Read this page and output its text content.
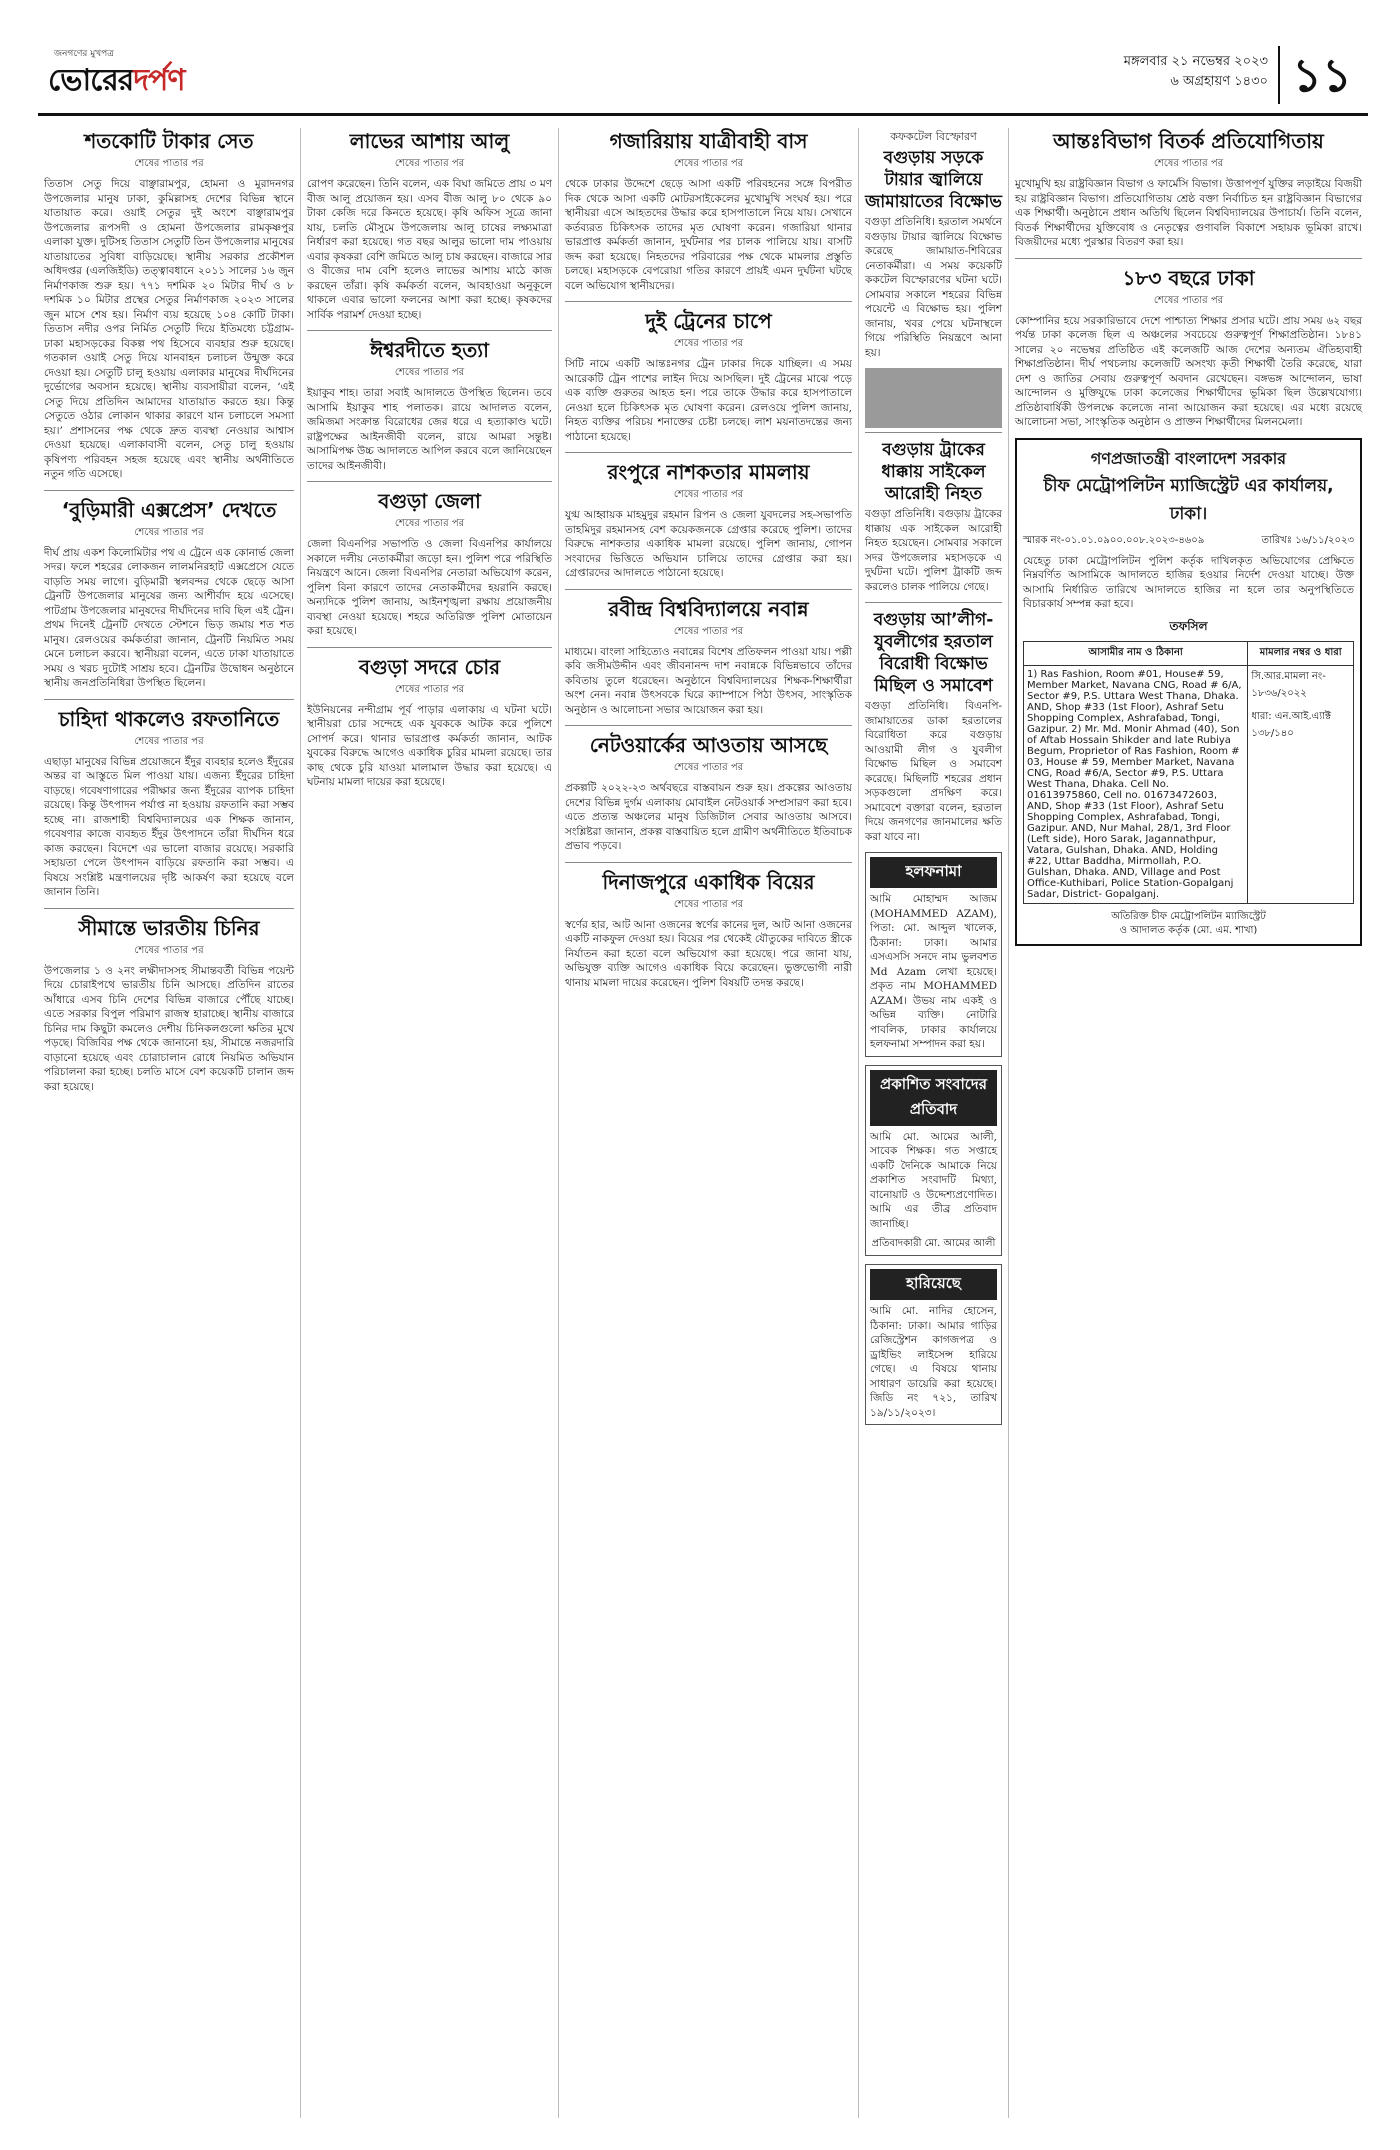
জনগণের মুখপত্র
ভোরেরদর্পণ
মঙ্গলবার ২১ নভেম্বর ২০২৩
৬ অগ্রহায়ণ ১৪৩০ ১১
শতকোটি টাকার সেত
শেষের পাতার পর
তিতাস সেতু দিয়ে বাঞ্ছারামপুর, হোমনা ও মুরাদনগর উপজেলার মানুষ ঢাকা, কুমিল্লাসহ দেশের বিভিন্ন স্থানে যাতায়াত করে। ওয়াই সেতুর দুই অংশে বাঞ্ছারামপুর উপজেলার রূপসদী ও হোমনা উপজেলার রামকৃষ্ণপুর এলাকা যুক্ত। দুটিসহ তিতাস সেতুটি তিন উপজেলার মানুষের যাতায়াতের সুবিধা বাড়িয়েছে। স্থানীয় সরকার প্রকৌশল অধিদপ্তর (এলজিইডি) তত্ত্বাবধানে ২০১১ সালের ১৬ জুন নির্মাণকাজ শুরু হয়। ৭৭১ দশমিক ২০ মিটার দীর্ঘ ও ৮ দশমিক ১০ মিটার প্রস্থের সেতুর নির্মাণকাজ ২০২৩ সালের জুন মাসে শেষ হয়। নির্মাণ ব্যয় হয়েছে ১০৪ কোটি টাকা। তিতাস নদীর ওপর নির্মিত সেতুটি দিয়ে ইতিমধ্যে চট্টগ্রাম-ঢাকা মহাসড়কের বিকল্প পথ হিসেবে ব্যবহার শুরু হয়েছে। গতকাল ওয়াই সেতু দিয়ে যানবাহন চলাচল উন্মুক্ত করে দেওয়া হয়। সেতুটি চালু হওয়ায় এলাকার মানুষের দীর্ঘদিনের দুর্ভোগের অবসান হয়েছে। স্থানীয় ব্যবসায়ীরা বলেন, ‘এই সেতু দিয়ে প্রতিদিন আমাদের যাতায়াত করতে হয়। কিন্তু সেতুতে ওঠার লোকান থাকার কারণে যান চলাচলে সমস্যা হয়।’ প্রশাসনের পক্ষ থেকে দ্রুত ব্যবস্থা নেওয়ার আশ্বাস দেওয়া হয়েছে। এলাকাবাসী বলেন, সেতু চালু হওয়ায় কৃষিপণ্য পরিবহন সহজ হয়েছে এবং স্থানীয় অর্থনীতিতে নতুন গতি এসেছে।
‘বুড়িমারী এক্সপ্রেস’ দেখতে
শেষের পাতার পর
দীর্ঘ প্রায় একশ কিলোমিটার পথ এ ট্রেনে এক কোনার্ভ জেলা সদর। ফলে শহরের লোকজন লালমনিরহাট এক্সপ্রেসে যেতে বাড়তি সময় লাগে। বুড়িমারী স্থলবন্দর থেকে ছেড়ে আসা ট্রেনটি উপজেলার মানুষের জন্য আশীর্বাদ হয়ে এসেছে। পাটগ্রাম উপজেলার মানুষদের দীর্ঘদিনের দাবি ছিল এই ট্রেন। প্রথম দিনেই ট্রেনটি দেখতে স্টেশনে ভিড় জমায় শত শত মানুষ। রেলওয়ের কর্মকর্তারা জানান, ট্রেনটি নিয়মিত সময় মেনে চলাচল করবে। স্থানীয়রা বলেন, এতে ঢাকা যাতায়াতে সময় ও খরচ দুটোই সাশ্রয় হবে। ট্রেনটির উদ্বোধন অনুষ্ঠানে স্থানীয় জনপ্রতিনিধিরা উপস্থিত ছিলেন।
চাহিদা থাকলেও রফতানিতে
শেষের পাতার পর
এছাড়া মানুষের বিভিন্ন প্রয়োজনে ইঁদুর ব্যবহার হলেও ইঁদুরের অন্তর বা আস্তুতে মিল পাওয়া যায়। এজন্য ইঁদুরের চাহিদা বাড়ছে। গবেষণাগারের পরীক্ষার জন্য ইঁদুরের ব্যাপক চাহিদা রয়েছে। কিন্তু উৎপাদন পর্যাপ্ত না হওয়ায় রফতানি করা সম্ভব হচ্ছে না। রাজশাহী বিশ্ববিদ্যালয়ের এক শিক্ষক জানান, গবেষণার কাজে ব্যবহৃত ইঁদুর উৎপাদনে তাঁরা দীর্ঘদিন ধরে কাজ করছেন। বিদেশে এর ভালো বাজার রয়েছে। সরকারি সহায়তা পেলে উৎপাদন বাড়িয়ে রফতানি করা সম্ভব। এ বিষয়ে সংশ্লিষ্ট মন্ত্রণালয়ের দৃষ্টি আকর্ষণ করা হয়েছে বলে জানান তিনি।
সীমান্তে ভারতীয় চিনির
শেষের পাতার পর
উপজেলার ১ ও ২নং লক্ষীদাসসহ সীমান্তবর্তী বিভিন্ন পয়েন্ট দিয়ে চোরাইপথে ভারতীয় চিনি আসছে। প্রতিদিন রাতের আঁধারে এসব চিনি দেশের বিভিন্ন বাজারে পৌঁছে যাচ্ছে। এতে সরকার বিপুল পরিমাণ রাজস্ব হারাচ্ছে। স্থানীয় বাজারে চিনির দাম কিছুটা কমলেও দেশীয় চিনিকলগুলো ক্ষতির মুখে পড়ছে। বিজিবির পক্ষ থেকে জানানো হয়, সীমান্তে নজরদারি বাড়ানো হয়েছে এবং চোরাচালান রোধে নিয়মিত অভিযান পরিচালনা করা হচ্ছে। চলতি মাসে বেশ কয়েকটি চালান জব্দ করা হয়েছে।
লাভের আশায় আলু
শেষের পাতার পর
রোপণ করেছেন। তিনি বলেন, এক বিঘা জমিতে প্রায় ৩ মণ বীজ আলু প্রয়োজন হয়। এসব বীজ আলু ৮০ থেকে ৯০ টাকা কেজি দরে কিনতে হয়েছে। কৃষি অফিস সূত্রে জানা যায়, চলতি মৌসুমে উপজেলায় আলু চাষের লক্ষ্যমাত্রা নির্ধারণ করা হয়েছে। গত বছর আলুর ভালো দাম পাওয়ায় এবার কৃষকরা বেশি জমিতে আলু চাষ করছেন। বাজারে সার ও বীজের দাম বেশি হলেও লাভের আশায় মাঠে কাজ করছেন তাঁরা। কৃষি কর্মকর্তা বলেন, আবহাওয়া অনুকূলে থাকলে এবার ভালো ফলনের আশা করা হচ্ছে। কৃষকদের সার্বিক পরামর্শ দেওয়া হচ্ছে।
ঈশ্বরদীতে হত্যা
শেষের পাতার পর
ইয়াকুব শাহ। তারা সবাই আদালতে উপস্থিত ছিলেন। তবে আসামি ইয়াকুব শাহ পলাতক। রায়ে আদালত বলেন, জমিজমা সংক্রান্ত বিরোধের জের ধরে এ হত্যাকাণ্ড ঘটে। রাষ্ট্রপক্ষের আইনজীবী বলেন, রায়ে আমরা সন্তুষ্ট। আসামিপক্ষ উচ্চ আদালতে আপিল করবে বলে জানিয়েছেন তাদের আইনজীবী।
বগুড়া জেলা
শেষের পাতার পর
জেলা বিএনপির সভাপতি ও জেলা বিএনপির কার্যালয়ে সকালে দলীয় নেতাকর্মীরা জড়ো হন। পুলিশ পরে পরিস্থিতি নিয়ন্ত্রণে আনে। জেলা বিএনপির নেতারা অভিযোগ করেন, পুলিশ বিনা কারণে তাদের নেতাকর্মীদের হয়রানি করছে। অন্যদিকে পুলিশ জানায়, আইনশৃঙ্খলা রক্ষায় প্রয়োজনীয় ব্যবস্থা নেওয়া হয়েছে। শহরে অতিরিক্ত পুলিশ মোতায়েন করা হয়েছে।
বগুড়া সদরে চোর
শেষের পাতার পর
ইউনিয়নের নন্দীগ্রাম পূর্ব পাড়ার এলাকায় এ ঘটনা ঘটে। স্থানীয়রা চোর সন্দেহে এক যুবককে আটক করে পুলিশে সোপর্দ করে। থানার ভারপ্রাপ্ত কর্মকর্তা জানান, আটক যুবকের বিরুদ্ধে আগেও একাধিক চুরির মামলা রয়েছে। তার কাছ থেকে চুরি যাওয়া মালামাল উদ্ধার করা হয়েছে। এ ঘটনায় মামলা দায়ের করা হয়েছে।
গজারিয়ায় যাত্রীবাহী বাস
শেষের পাতার পর
থেকে ঢাকার উদ্দেশে ছেড়ে আসা একটি পরিবহনের সঙ্গে বিপরীত দিক থেকে আসা একটি মোটরসাইকেলের মুখোমুখি সংঘর্ষ হয়। পরে স্থানীয়রা এসে আহতদের উদ্ধার করে হাসপাতালে নিয়ে যায়। সেখানে কর্তব্যরত চিকিৎসক তাদের মৃত ঘোষণা করেন। গজারিয়া থানার ভারপ্রাপ্ত কর্মকর্তা জানান, দুর্ঘটনার পর চালক পালিয়ে যায়। বাসটি জব্দ করা হয়েছে। নিহতদের পরিবারের পক্ষ থেকে মামলার প্রস্তুতি চলছে। মহাসড়কে বেপরোয়া গতির কারণে প্রায়ই এমন দুর্ঘটনা ঘটছে বলে অভিযোগ স্থানীয়দের।
দুই ট্রেনের চাপে
শেষের পাতার পর
সিটি নামে একটি আন্তঃনগর ট্রেন ঢাকার দিকে যাচ্ছিল। এ সময় আরেকটি ট্রেন পাশের লাইন দিয়ে আসছিল। দুই ট্রেনের মাঝে পড়ে এক ব্যক্তি গুরুতর আহত হন। পরে তাকে উদ্ধার করে হাসপাতালে নেওয়া হলে চিকিৎসক মৃত ঘোষণা করেন। রেলওয়ে পুলিশ জানায়, নিহত ব্যক্তির পরিচয় শনাক্তের চেষ্টা চলছে। লাশ ময়নাতদন্তের জন্য পাঠানো হয়েছে।
রংপুরে নাশকতার মামলায়
শেষের পাতার পর
যুগ্ম আহ্বায়ক মাহমুদুর রহমান রিপন ও জেলা যুবদলের সহ-সভাপতি তাহমিদুর রহমানসহ বেশ কয়েকজনকে গ্রেপ্তার করেছে পুলিশ। তাদের বিরুদ্ধে নাশকতার একাধিক মামলা রয়েছে। পুলিশ জানায়, গোপন সংবাদের ভিত্তিতে অভিযান চালিয়ে তাদের গ্রেপ্তার করা হয়। গ্রেপ্তারদের আদালতে পাঠানো হয়েছে।
রবীন্দ্র বিশ্ববিদ্যালয়ে নবান্ন
শেষের পাতার পর
মাধ্যমে। বাংলা সাহিত্যেও নবান্নের বিশেষ প্রতিফলন পাওয়া যায়। পল্লী কবি জসীমউদ্দীন এবং জীবনানন্দ দাশ নবান্নকে বিভিন্নভাবে তাঁদের কবিতায় তুলে ধরেছেন। অনুষ্ঠানে বিশ্ববিদ্যালয়ের শিক্ষক-শিক্ষার্থীরা অংশ নেন। নবান্ন উৎসবকে ঘিরে ক্যাম্পাসে পিঠা উৎসব, সাংস্কৃতিক অনুষ্ঠান ও আলোচনা সভার আয়োজন করা হয়।
নেটওয়ার্কের আওতায় আসছে
শেষের পাতার পর
প্রকল্পটি ২০২২-২৩ অর্থবছরে বাস্তবায়ন শুরু হয়। প্রকল্পের আওতায় দেশের বিভিন্ন দুর্গম এলাকায় মোবাইল নেটওয়ার্ক সম্প্রসারণ করা হবে। এতে প্রত্যন্ত অঞ্চলের মানুষ ডিজিটাল সেবার আওতায় আসবে। সংশ্লিষ্টরা জানান, প্রকল্প বাস্তবায়িত হলে গ্রামীণ অর্থনীতিতে ইতিবাচক প্রভাব পড়বে।
দিনাজপুরে একাধিক বিয়ের
শেষের পাতার পর
স্বর্ণের হার, আট আনা ওজনের স্বর্ণের কানের দুল, আট আনা ওজনের একটি নাকফুল দেওয়া হয়। বিয়ের পর থেকেই যৌতুকের দাবিতে স্ত্রীকে নির্যাতন করা হতো বলে অভিযোগ করা হয়েছে। পরে জানা যায়, অভিযুক্ত ব্যক্তি আগেও একাধিক বিয়ে করেছেন। ভুক্তভোগী নারী থানায় মামলা দায়ের করেছেন। পুলিশ বিষয়টি তদন্ত করছে।
কফকটেল বিস্ফোরণ
বগুড়ায় সড়কে টায়ার জ্বালিয়ে জামায়াতের বিক্ষোভ
বগুড়া প্রতিনিধি। হরতাল সমর্থনে বগুড়ায় টায়ার জ্বালিয়ে বিক্ষোভ করেছে জামায়াত-শিবিরের নেতাকর্মীরা। এ সময় কয়েকটি ককটেল বিস্ফোরণের ঘটনা ঘটে। সোমবার সকালে শহরের বিভিন্ন পয়েন্টে এ বিক্ষোভ হয়। পুলিশ জানায়, খবর পেয়ে ঘটনাস্থলে গিয়ে পরিস্থিতি নিয়ন্ত্রণে আনা হয়।
বগুড়ায় ট্রাকের ধাক্কায় সাইকেল আরোহী নিহত
বগুড়া প্রতিনিধি। বগুড়ায় ট্রাকের ধাক্কায় এক সাইকেল আরোহী নিহত হয়েছেন। সোমবার সকালে সদর উপজেলার মহাসড়কে এ দুর্ঘটনা ঘটে। পুলিশ ট্রাকটি জব্দ করলেও চালক পালিয়ে গেছে।
বগুড়ায় আ’লীগ-যুবলীগের হরতাল বিরোধী বিক্ষোভ মিছিল ও সমাবেশ
বগুড়া প্রতিনিধি। বিএনপি-জামায়াতের ডাকা হরতালের বিরোধিতা করে বগুড়ায় আওয়ামী লীগ ও যুবলীগ বিক্ষোভ মিছিল ও সমাবেশ করেছে। মিছিলটি শহরের প্রধান সড়কগুলো প্রদক্ষিণ করে। সমাবেশে বক্তারা বলেন, হরতাল দিয়ে জনগণের জানমালের ক্ষতি করা যাবে না।
হলফনামা
আমি মোহাম্মদ আজম (MOHAMMED AZAM), পিতা: মো. আব্দুল খালেক, ঠিকানা: ঢাকা। আমার এসএসসি সনদে নাম ভুলবশত Md Azam লেখা হয়েছে। প্রকৃত নাম MOHAMMED AZAM। উভয় নাম একই ও অভিন্ন ব্যক্তি। নোটারি পাবলিক, ঢাকার কার্যালয়ে হলফনামা সম্পাদন করা হয়।
প্রকাশিত সংবাদের প্রতিবাদ
আমি মো. আমের আলী, সাবেক শিক্ষক। গত সপ্তাহে একটি দৈনিকে আমাকে নিয়ে প্রকাশিত সংবাদটি মিথ্যা, বানোয়াট ও উদ্দেশ্যপ্রণোদিত। আমি এর তীব্র প্রতিবাদ জানাচ্ছি।
প্রতিবাদকারী মো. আমের আলী
হারিয়েছে
আমি মো. নাদির হোসেন, ঠিকানা: ঢাকা। আমার গাড়ির রেজিস্ট্রেশন কাগজপত্র ও ড্রাইভিং লাইসেন্স হারিয়ে গেছে। এ বিষয়ে থানায় সাধারণ ডায়েরি করা হয়েছে। জিডি নং ৭২১, তারিখ ১৯/১১/২০২৩।
আন্তঃবিভাগ বিতর্ক প্রতিযোগিতায়
শেষের পাতার পর
মুখোমুখি হয় রাষ্ট্রবিজ্ঞান বিভাগ ও ফার্মেসি বিভাগ। উত্তাপপূর্ণ যুক্তির লড়াইয়ে বিজয়ী হয় রাষ্ট্রবিজ্ঞান বিভাগ। প্রতিযোগিতায় শ্রেষ্ঠ বক্তা নির্বাচিত হন রাষ্ট্রবিজ্ঞান বিভাগের এক শিক্ষার্থী। অনুষ্ঠানে প্রধান অতিথি ছিলেন বিশ্ববিদ্যালয়ের উপাচার্য। তিনি বলেন, বিতর্ক শিক্ষার্থীদের যুক্তিবোধ ও নেতৃত্বের গুণাবলি বিকাশে সহায়ক ভূমিকা রাখে। বিজয়ীদের মধ্যে পুরস্কার বিতরণ করা হয়।
১৮৩ বছরে ঢাকা
শেষের পাতার পর
কোম্পানির হয়ে সরকারিভাবে দেশে পাশ্চাত্য শিক্ষার প্রসার ঘটে। প্রায় সময় ৬২ বছর পর্যন্ত ঢাকা কলেজ ছিল এ অঞ্চলের সবচেয়ে গুরুত্বপূর্ণ শিক্ষাপ্রতিষ্ঠান। ১৮৪১ সালের ২০ নভেম্বর প্রতিষ্ঠিত এই কলেজটি আজ দেশের অন্যতম ঐতিহ্যবাহী শিক্ষাপ্রতিষ্ঠান। দীর্ঘ পথচলায় কলেজটি অসংখ্য কৃতী শিক্ষার্থী তৈরি করেছে, যারা দেশ ও জাতির সেবায় গুরুত্বপূর্ণ অবদান রেখেছেন। বঙ্গভঙ্গ আন্দোলন, ভাষা আন্দোলন ও মুক্তিযুদ্ধে ঢাকা কলেজের শিক্ষার্থীদের ভূমিকা ছিল উল্লেখযোগ্য। প্রতিষ্ঠাবার্ষিকী উপলক্ষে কলেজে নানা আয়োজন করা হয়েছে। এর মধ্যে রয়েছে আলোচনা সভা, সাংস্কৃতিক অনুষ্ঠান ও প্রাক্তন শিক্ষার্থীদের মিলনমেলা।
গণপ্রজাতন্ত্রী বাংলাদেশ সরকার
চীফ মেট্রোপলিটন ম্যাজিস্ট্রেট এর কার্যালয়, ঢাকা।
স্মারক নং-০১.০১.০৯০০.০০৮.২০২৩-৪৬০৯	তারিখঃ ১৬/১১/২০২৩
যেহেতু ঢাকা মেট্রোপলিটন পুলিশ কর্তৃক দাখিলকৃত অভিযোগের প্রেক্ষিতে নিম্নবর্ণিত আসামিকে আদালতে হাজির হওয়ার নির্দেশ দেওয়া যাচ্ছে। উক্ত আসামি নির্ধারিত তারিখে আদালতে হাজির না হলে তার অনুপস্থিতিতে বিচারকার্য সম্পন্ন করা হবে।
তফসিল
আসামীর নাম ও ঠিকানা	মামলার নম্বর ও ধারা
1) Ras Fashion, Room #01, House# 59, Member Market, Navana CNG, Road # 6/A, Sector #9, P.S. Uttara West Thana, Dhaka. AND, Shop #33 (1st Floor), Ashraf Setu Shopping Complex, Ashrafabad, Tongi, Gazipur. 2) Mr. Md. Monir Ahmad (40), Son of Aftab Hossain Shikder and late Rubiya Begum, Proprietor of Ras Fashion, Room # 03, House # 59, Member Market, Navana CNG, Road #6/A, Sector #9, P.S. Uttara West Thana, Dhaka. Cell No. 01613975860, Cell no. 01673472603, AND, Shop #33 (1st Floor), Ashraf Setu Shopping Complex, Ashrafabad, Tongi, Gazipur. AND, Nur Mahal, 28/1, 3rd Floor (Left side), Horo Sarak, Jagannathpur, Vatara, Gulshan, Dhaka. AND, Holding #22, Uttar Baddha, Mirmollah, P.O. Gulshan, Dhaka. AND, Village and Post Office-Kuthibari, Police Station-Gopalganj Sadar, District- Gopalganj.	সি.আর.মামলা নং- ১৮৩৬/২০২২
ধারা: এন.আই.এ্যাক্ট ১৩৮/১৪০
অতিরিক্ত চীফ মেট্রোপলিটন ম্যাজিস্ট্রেট
ও আদালত কর্তৃক (মো. এম. শাখা)
